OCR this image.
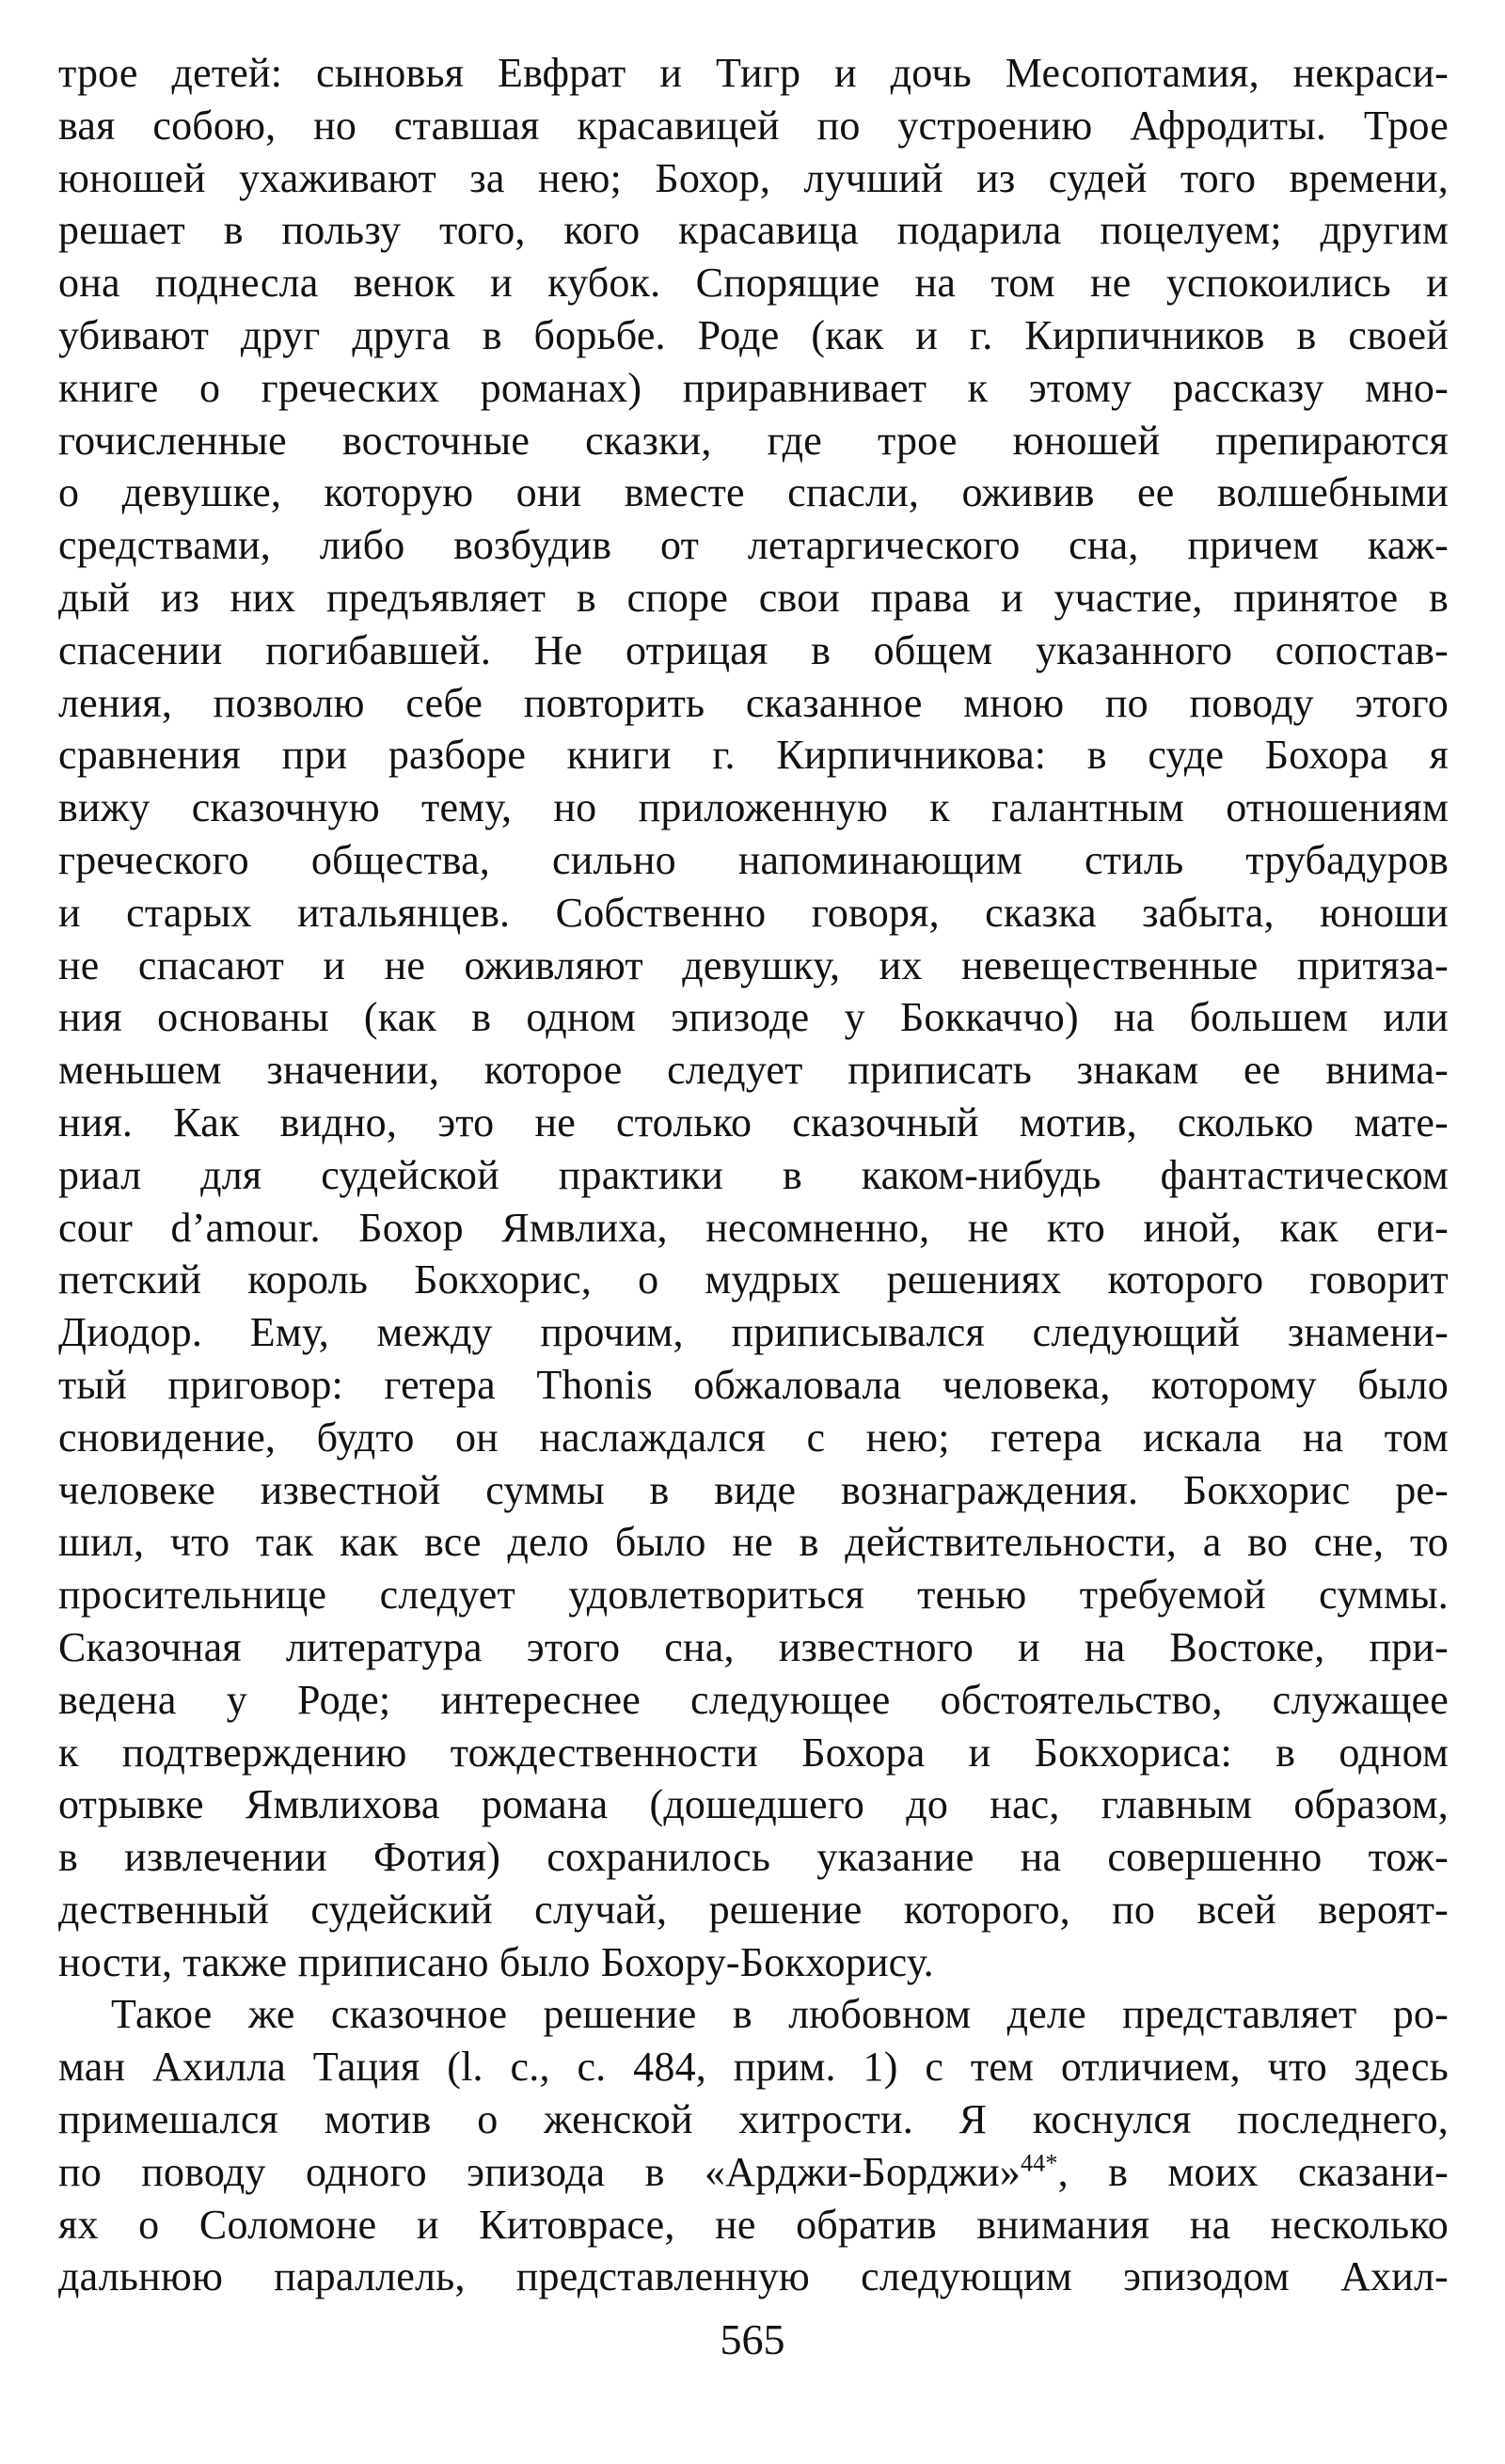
трое детей: сыновья Евфрат и Тигр и дочь Месопотамия, некраси-
вая собою, но ставшая красавицей по устроению Афродиты. Трое
юношей ухаживают за нею; Бохор, лучший из судей того времени,
решает в пользу того, кого красавица подарила поцелуем; другим
она поднесла венок и кубок. Спорящие на том не успокоились и
убивают друг друга в борьбе. Роде (как и г. Кирпичников в своей
книге о греческих романах) приравнивает к этому рассказу мно-
гочисленные восточные сказки, где трое юношей препираются
о девушке, которую они вместе спасли, оживив ее волшебными
средствами, либо возбудив от летаргического сна, причем каж-
дый из них предъявляет в споре свои права и участие, принятое в
спасении погибавшей. Не отрицая в общем указанного сопостав-
ления, позволю себе повторить сказанное мною по поводу этого
сравнения при разборе книги г. Кирпичникова: в суде Бохора я
вижу сказочную тему, но приложенную к галантным отношениям
греческого общества, сильно напоминающим стиль трубадуров
и старых итальянцев. Собственно говоря, сказка забыта, юноши
не спасают и не оживляют девушку, их невещественные притяза-
ния основаны (как в одном эпизоде у Боккаччо) на большем или
меньшем значении, которое следует приписать знакам ее внима-
ния. Как видно, это не столько сказочный мотив, сколько мате-
риал для судейской практики в каком-нибудь фантастическом
cour d’amour. Бохор Ямвлиха, несомненно, не кто иной, как еги-
петский король Бокхорис, о мудрых решениях которого говорит
Диодор. Ему, между прочим, приписывался следующий знамени-
тый приговор: гетера Thonis обжаловала человека, которому было
сновидение, будто он наслаждался с нею; гетера искала на том
человеке известной суммы в виде вознаграждения. Бокхорис ре-
шил, что так как все дело было не в действительности, а во сне, то
просительнице следует удовлетвориться тенью требуемой суммы.
Сказочная литература этого сна, известного и на Востоке, при-
ведена у Роде; интереснее следующее обстоятельство, служащее
к подтверждению тождественности Бохора и Бокхориса: в одном
отрывке Ямвлихова романа (дошедшего до нас, главным образом,
в извлечении Фотия) сохранилось указание на совершенно тож-
дественный судейский случай, решение которого, по всей вероят-
ности, также приписано было Бохору-Бокхорису.

Такое же сказочное решение в любовном деле представляет ро-
ман Ахилла Тация (l. c., с. 484, прим. 1) с тем отличием, что здесь
примешался мотив о женской хитрости. Я коснулся последнего,
по поводу одного эпизода в «Арджи-Борджи»$^{44*}$, в моих сказани-
ях о Соломоне и Китоврасе, не обратив внимания на несколько
дальнюю параллель, представленную следующим эпизодом Ахил-

565
